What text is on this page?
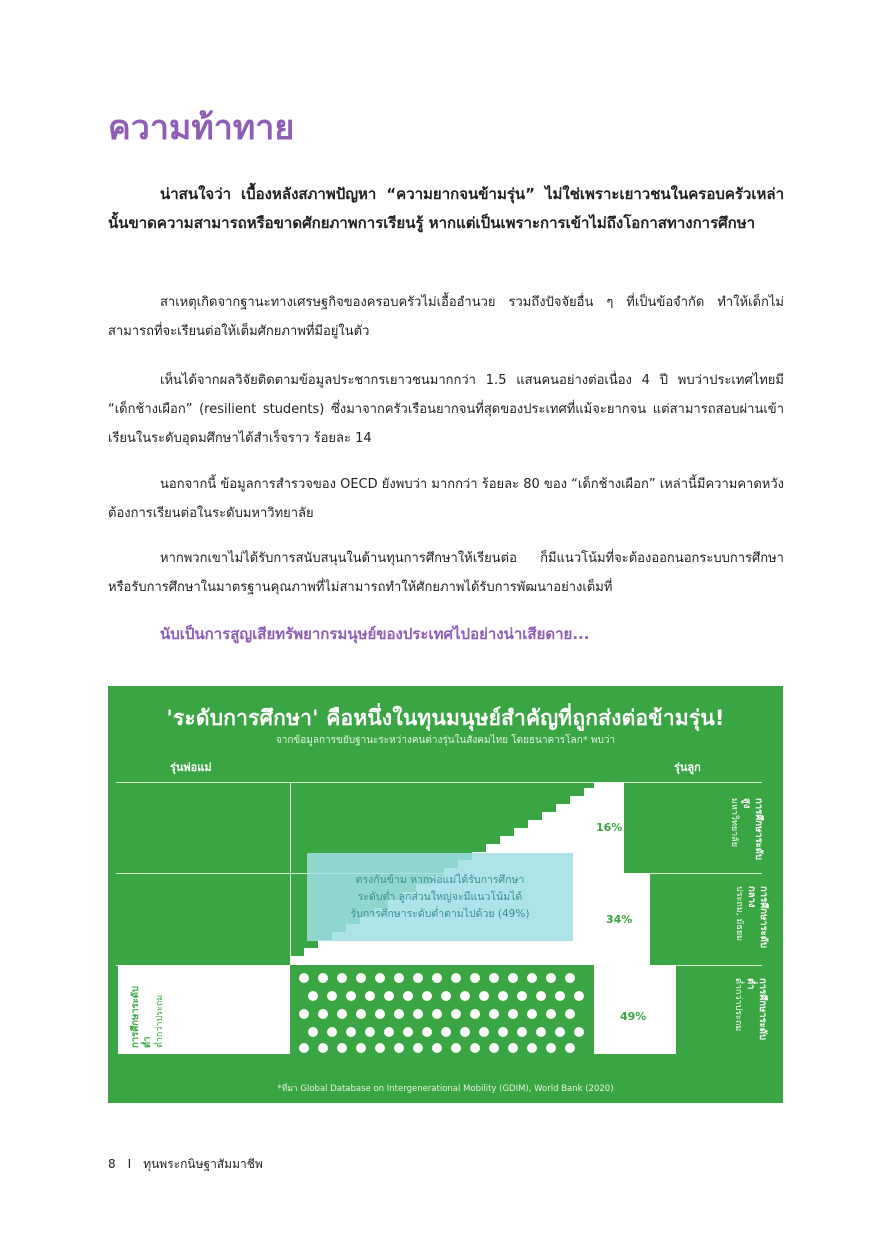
ความท้าทาย
น่าสนใจว่า เบื้องหลังสภาพปัญหา “ความยากจนข้ามรุ่น” ไม่ใช่เพราะเยาวชนในครอบครัวเหล่านั้นขาดความสามารถหรือขาดศักยภาพการเรียนรู้ หากแต่เป็นเพราะการเข้าไม่ถึงโอกาสทางการศึกษา
สาเหตุเกิดจากฐานะทางเศรษฐกิจของครอบครัวไม่เอื้ออำนวย รวมถึงปัจจัยอื่น ๆ ที่เป็นข้อจำกัด ทำให้เด็กไม่สามารถที่จะเรียนต่อให้เต็มศักยภาพที่มีอยู่ในตัว
เห็นได้จากผลวิจัยติดตามข้อมูลประชากรเยาวชนมากกว่า 1.5 แสนคนอย่างต่อเนื่อง 4 ปี พบว่าประเทศไทยมี “เด็กช้างเผือก” (resilient students) ซึ่งมาจากครัวเรือนยากจนที่สุดของประเทศที่แม้จะยากจน แต่สามารถสอบผ่านเข้าเรียนในระดับอุดมศึกษาได้สำเร็จราว ร้อยละ 14
นอกจากนี้ ข้อมูลการสำรวจของ OECD ยังพบว่า มากกว่า ร้อยละ 80 ของ “เด็กช้างเผือก” เหล่านี้มีความคาดหวังต้องการเรียนต่อในระดับมหาวิทยาลัย
หากพวกเขาไม่ได้รับการสนับสนุนในด้านทุนการศึกษาให้เรียนต่อ ก็มีแนวโน้มที่จะต้องออกนอกระบบการศึกษา หรือรับการศึกษาในมาตรฐานคุณภาพที่ไม่สามารถทำให้ศักยภาพได้รับการพัฒนาอย่างเต็มที่
นับเป็นการสูญเสียทรัพยากรมนุษย์ของประเทศไปอย่างน่าเสียดาย...
'ระดับการศึกษา' คือหนึ่งในทุนมนุษย์สำคัญที่ถูกส่งต่อข้ามรุ่น!
จากข้อมูลการขยับฐานะระหว่างคนต่างรุ่นในสังคมไทย โดยธนาคารโลก* พบว่า
รุ่นพ่อแม่	รุ่นลูก
16%
34%
49%
ตรงกันข้าม หากพ่อแม่ได้รับการศึกษา
ระดับต่ำ ลูกส่วนใหญ่จะมีแนวโน้มได้
รับการศึกษาระดับต่ำตามไปด้วย (49%)
การศึกษาระดับสูง
มหาวิทยาลัย
การศึกษาระดับกลาง
ประถม, มัธยม
การศึกษาระดับต่ำ
ต่ำกว่าประถม
การศึกษาระดับต่ำ ต่ำกว่าประถม
*ที่มา Global Database on Intergenerational Mobility (GDIM), World Bank (2020)
8 I ทุนพระกนิษฐาสัมมาชีพ
